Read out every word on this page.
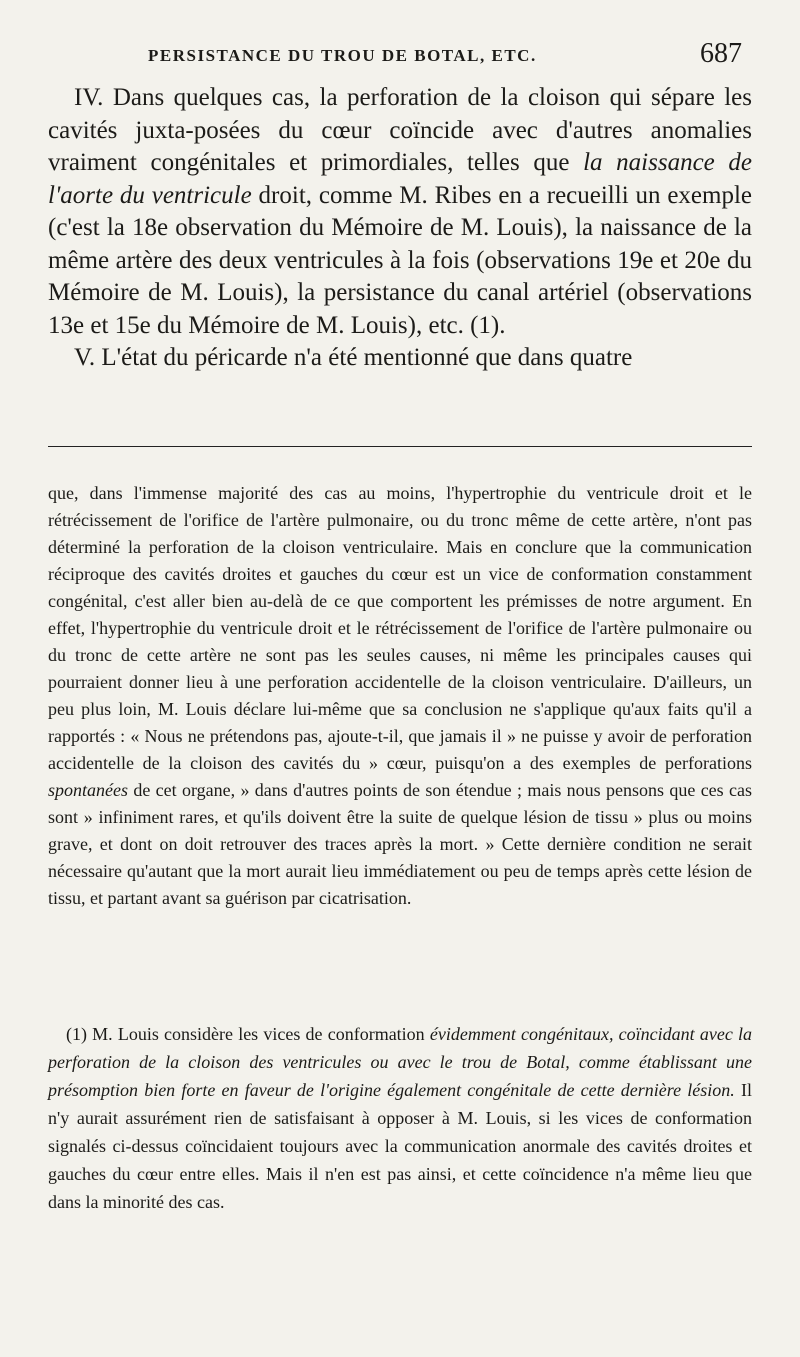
PERSISTANCE DU TROU DE BOTAL, ETC.	687

IV. Dans quelques cas, la perforation de la cloison qui sépare les cavités juxta-posées du cœur coïncide avec d'autres anomalies vraiment congénitales et primordiales, telles que la naissance de l'aorte du ventricule droit, comme M. Ribes en a recueilli un exemple (c'est la 18e observation du Mémoire de M. Louis), la naissance de la même artère des deux ventricules à la fois (observations 19e et 20e du Mémoire de M. Louis), la persistance du canal artériel (observations 13e et 15e du Mémoire de M. Louis), etc. (1).

V. L'état du péricarde n'a été mentionné que dans quatre

que, dans l'immense majorité des cas au moins, l'hypertrophie du ventricule droit et le rétrécissement de l'orifice de l'artère pulmonaire, ou du tronc même de cette artère, n'ont pas déterminé la perforation de la cloison ventriculaire. Mais en conclure que la communication réciproque des cavités droites et gauches du cœur est un vice de conformation constamment congénital, c'est aller bien au-delà de ce que comportent les prémisses de notre argument. En effet, l'hypertrophie du ventricule droit et le rétrécissement de l'orifice de l'artère pulmonaire ou du tronc de cette artère ne sont pas les seules causes, ni même les principales causes qui pourraient donner lieu à une perforation accidentelle de la cloison ventriculaire. D'ailleurs, un peu plus loin, M. Louis déclare lui-même que sa conclusion ne s'applique qu'aux faits qu'il a rapportés : « Nous ne prétendons pas, ajoute-t-il, que jamais il » ne puisse y avoir de perforation accidentelle de la cloison des cavités du » cœur, puisqu'on a des exemples de perforations spontanées de cet organe, » dans d'autres points de son étendue ; mais nous pensons que ces cas sont » infiniment rares, et qu'ils doivent être la suite de quelque lésion de tissu » plus ou moins grave, et dont on doit retrouver des traces après la mort. » Cette dernière condition ne serait nécessaire qu'autant que la mort aurait lieu immédiatement ou peu de temps après cette lésion de tissu, et partant avant sa guérison par cicatrisation.

(1) M. Louis considère les vices de conformation évidemment congénitaux, coïncidant avec la perforation de la cloison des ventricules ou avec le trou de Botal, comme établissant une présomption bien forte en faveur de l'origine également congénitale de cette dernière lésion. Il n'y aurait assurément rien de satisfaisant à opposer à M. Louis, si les vices de conformation signalés ci-dessus coïncidaient toujours avec la communication anormale des cavités droites et gauches du cœur entre elles. Mais il n'en est pas ainsi, et cette coïncidence n'a même lieu que dans la minorité des cas.
